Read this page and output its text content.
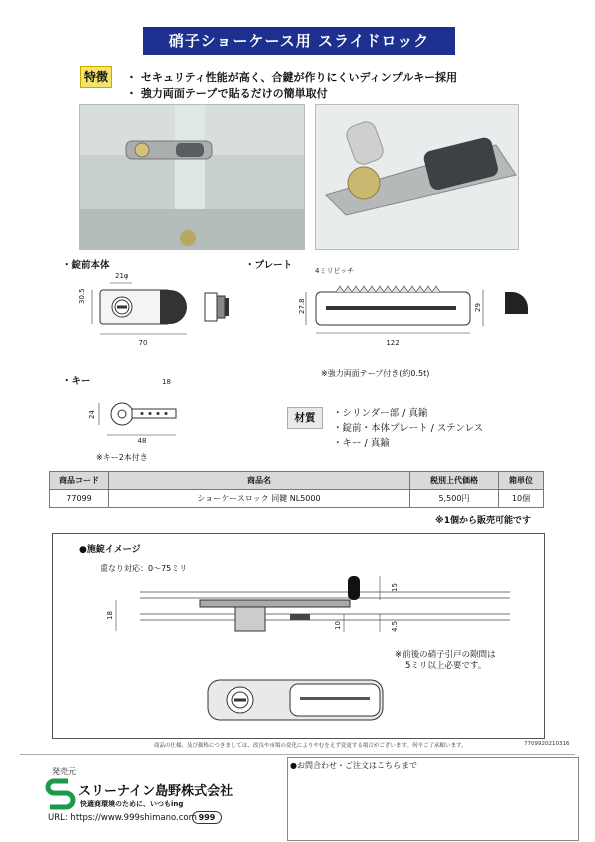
硝子ショーケース用 スライドロック
特徴	・ セキュリティ性能が高く、合鍵が作りにくいディンプルキー採用
・ 強力両面テープで貼るだけの簡単取付
・錠前本体	・プレート
・キー
21φ
70
30.5
4ミリピッチ
122
27.8	29
※強力両面テープ付き(約0.5t)
18
48
24
※キー2本付き
材質	・シリンダー部 / 真鍮
・錠前・本体プレート / ステンレス
・キー / 真鍮
商品コード	商品名	税別上代価格	箱単位
77099	ショーケースロック 同鍵 NL5000	5,500円	10個
※1個から販売可能です
●施錠イメージ
重なり対応：0～75ミリ
18
15
10	4.5
※前後の硝子引戸の隙間は
5ミリ以上必要です。
商品の仕様、及び価格につきましては、改良や市場の変化によりやむをえず変更する場合がございます。何卒ご了承願います。	7709920210316
発売元
スリーナイン島野株式会社
快適商環境のために、いつもing
URL: https://www.999shimano.com 999
●お問合わせ・ご注文はこちらまで
